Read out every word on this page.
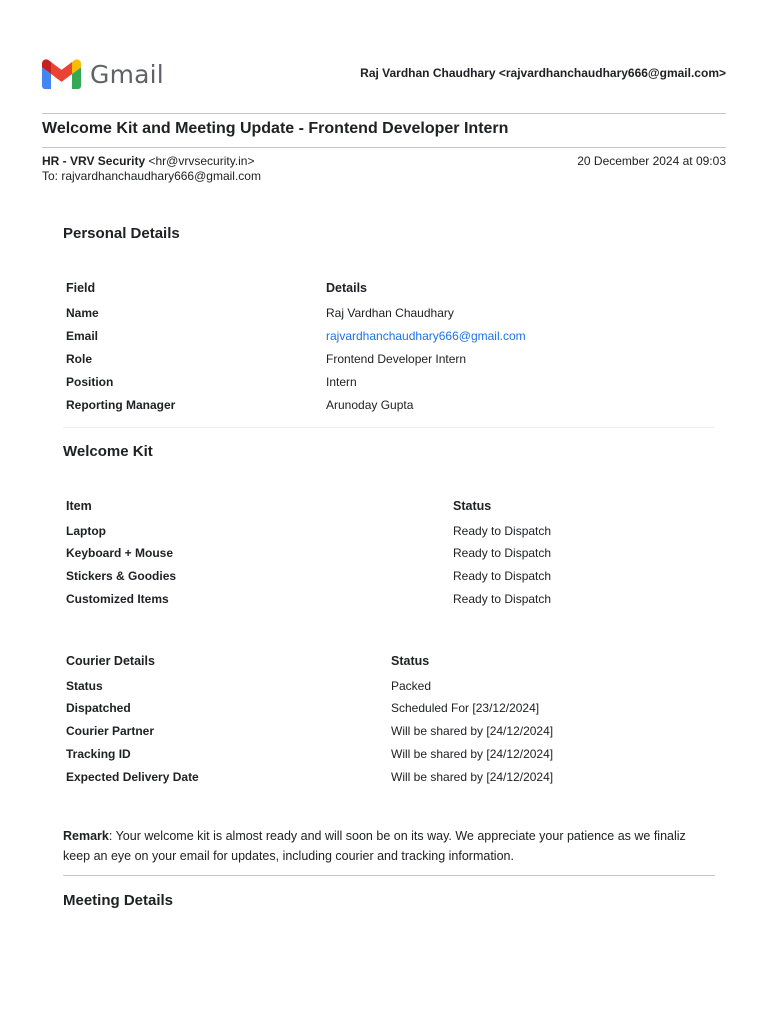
Gmail	Raj Vardhan Chaudhary <rajvardhanchaudhary666@gmail.com>
Welcome Kit and Meeting Update - Frontend Developer Intern
HR - VRV Security <hr@vrvsecurity.in>	20 December 2024 at 09:03
To: rajvardhanchaudhary666@gmail.com
Personal Details
Field	Details
Name	Raj Vardhan Chaudhary
Email	rajvardhanchaudhary666@gmail.com
Role	Frontend Developer Intern
Position	Intern
Reporting Manager	Arunoday Gupta
Welcome Kit
Item	Status
Laptop	Ready to Dispatch
Keyboard + Mouse	Ready to Dispatch
Stickers & Goodies	Ready to Dispatch
Customized Items	Ready to Dispatch
Courier Details	Status
Status	Packed
Dispatched	Scheduled For [23/12/2024]
Courier Partner	Will be shared by [24/12/2024]
Tracking ID	Will be shared by [24/12/2024]
Expected Delivery Date	Will be shared by [24/12/2024]
Remark: Your welcome kit is almost ready and will soon be on its way. We appreciate your patience as we finaliz
keep an eye on your email for updates, including courier and tracking information.
Meeting Details
